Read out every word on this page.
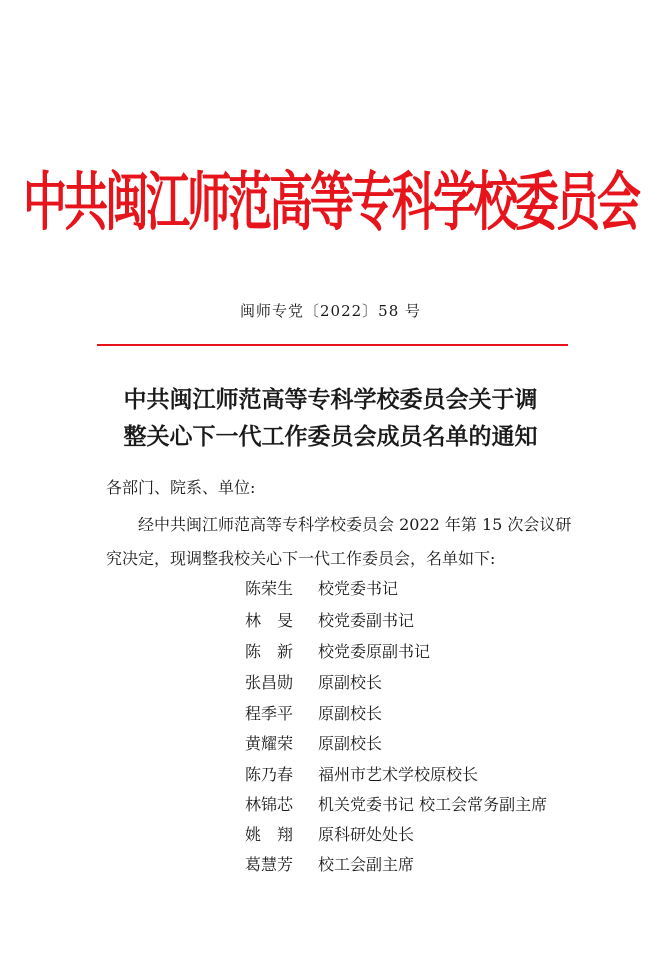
中共闽江师范高等专科学校委员会
闽师专党〔2022〕58 号
中共闽江师范高等专科学校委员会关于调
整关心下一代工作委员会成员名单的通知
各部门、院系、单位:
经中共闽江师范高等专科学校委员会 2022 年第 15 次会议研究决定，现调整我校关心下一代工作委员会，名单如下:
陈荣生 校党委书记
林　旻 校党委副书记
陈　新 校党委原副书记
张昌勋 原副校长
程季平 原副校长
黄耀荣 原副校长
陈乃春 福州市艺术学校原校长
林锦芯 机关党委书记 校工会常务副主席
姚　翔 原科研处处长
葛慧芳 校工会副主席
